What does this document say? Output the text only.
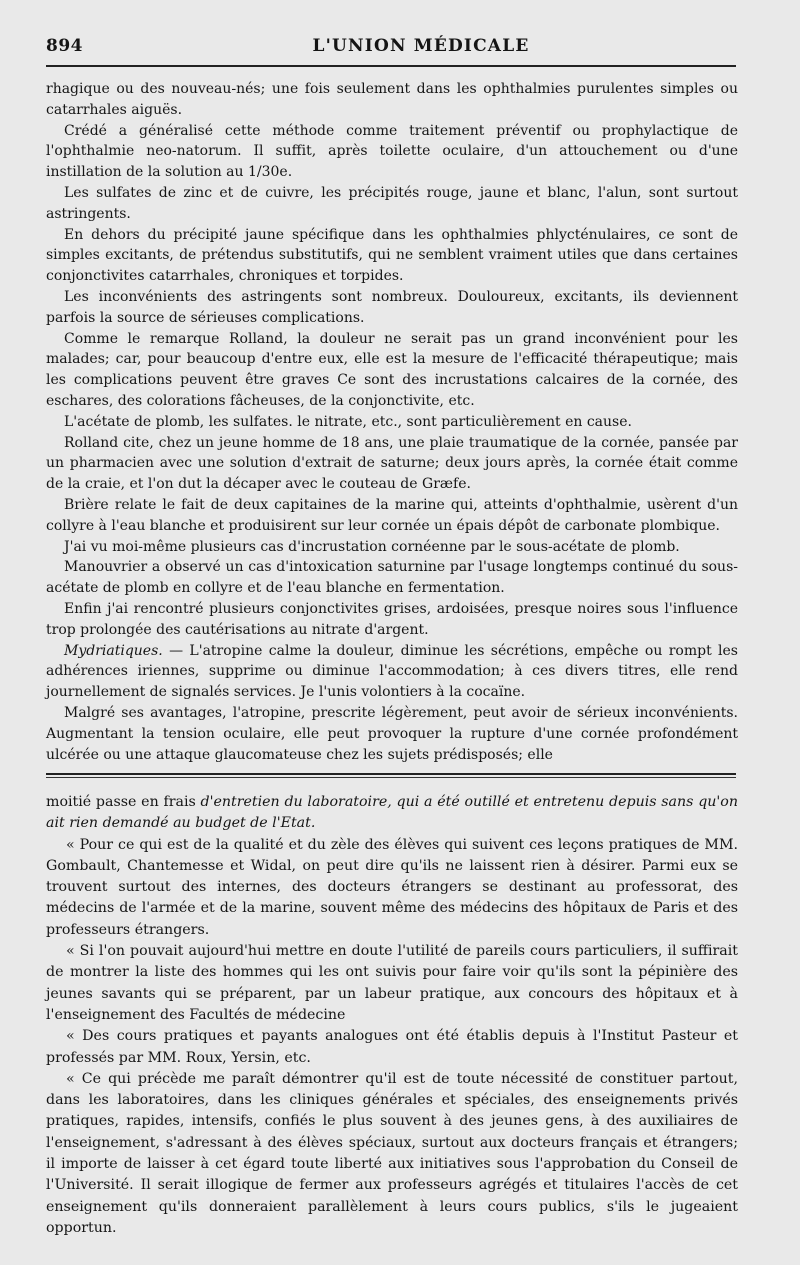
894	L'UNION MÉDICALE

rhagique ou des nouveau-nés; une fois seulement dans les ophthalmies purulentes simples ou catarrhales aiguës.

Crédé a généralisé cette méthode comme traitement préventif ou prophylactique de l'ophthalmie neo-natorum. Il suffit, après toilette oculaire, d'un attouchement ou d'une instillation de la solution au 1/30e.

Les sulfates de zinc et de cuivre, les précipités rouge, jaune et blanc, l'alun, sont surtout astringents.

En dehors du précipité jaune spécifique dans les ophthalmies phlycténulaires, ce sont de simples excitants, de prétendus substitutifs, qui ne semblent vraiment utiles que dans certaines conjonctivites catarrhales, chroniques et torpides.

Les inconvénients des astringents sont nombreux. Douloureux, excitants, ils deviennent parfois la source de sérieuses complications.

Comme le remarque Rolland, la douleur ne serait pas un grand inconvénient pour les malades; car, pour beaucoup d'entre eux, elle est la mesure de l'efficacité thérapeutique; mais les complications peuvent être graves Ce sont des incrustations calcaires de la cornée, des eschares, des colorations fâcheuses, de la conjonctivite, etc.

L'acétate de plomb, les sulfates. le nitrate, etc., sont particulièrement en cause.

Rolland cite, chez un jeune homme de 18 ans, une plaie traumatique de la cornée, pansée par un pharmacien avec une solution d'extrait de saturne; deux jours après, la cornée était comme de la craie, et l'on dut la décaper avec le couteau de Græfe.

Brière relate le fait de deux capitaines de la marine qui, atteints d'ophthalmie, usèrent d'un collyre à l'eau blanche et produisirent sur leur cornée un épais dépôt de carbonate plombique.

J'ai vu moi-même plusieurs cas d'incrustation cornéenne par le sous-acétate de plomb.

Manouvrier a observé un cas d'intoxication saturnine par l'usage longtemps continué du sous-acétate de plomb en collyre et de l'eau blanche en fermentation.

Enfin j'ai rencontré plusieurs conjonctivites grises, ardoisées, presque noires sous l'influence trop prolongée des cautérisations au nitrate d'argent.

Mydriatiques. — L'atropine calme la douleur, diminue les sécrétions, empêche ou rompt les adhérences iriennes, supprime ou diminue l'accommodation; à ces divers titres, elle rend journellement de signalés services. Je l'unis volontiers à la cocaïne.

Malgré ses avantages, l'atropine, prescrite légèrement, peut avoir de sérieux inconvénients. Augmentant la tension oculaire, elle peut provoquer la rupture d'une cornée profondément ulcérée ou une attaque glaucomateuse chez les sujets prédisposés; elle

moitié passe en frais d'entretien du laboratoire, qui a été outillé et entretenu depuis sans qu'on ait rien demandé au budget de l'Etat.

« Pour ce qui est de la qualité et du zèle des élèves qui suivent ces leçons pratiques de MM. Gombault, Chantemesse et Widal, on peut dire qu'ils ne laissent rien à désirer. Parmi eux se trouvent surtout des internes, des docteurs étrangers se destinant au professorat, des médecins de l'armée et de la marine, souvent même des médecins des hôpitaux de Paris et des professeurs étrangers.

« Si l'on pouvait aujourd'hui mettre en doute l'utilité de pareils cours particuliers, il suffirait de montrer la liste des hommes qui les ont suivis pour faire voir qu'ils sont la pépinière des jeunes savants qui se préparent, par un labeur pratique, aux concours des hôpitaux et à l'enseignement des Facultés de médecine

« Des cours pratiques et payants analogues ont été établis depuis à l'Institut Pasteur et professés par MM. Roux, Yersin, etc.

« Ce qui précède me paraît démontrer qu'il est de toute nécessité de constituer partout, dans les laboratoires, dans les cliniques générales et spéciales, des enseignements privés pratiques, rapides, intensifs, confiés le plus souvent à des jeunes gens, à des auxiliaires de l'enseignement, s'adressant à des élèves spéciaux, surtout aux docteurs français et étrangers; il importe de laisser à cet égard toute liberté aux initiatives sous l'approbation du Conseil de l'Université. Il serait illogique de fermer aux professeurs agrégés et titulaires l'accès de cet enseignement qu'ils donneraient parallèlement à leurs cours publics, s'ils le jugeaient opportun.
